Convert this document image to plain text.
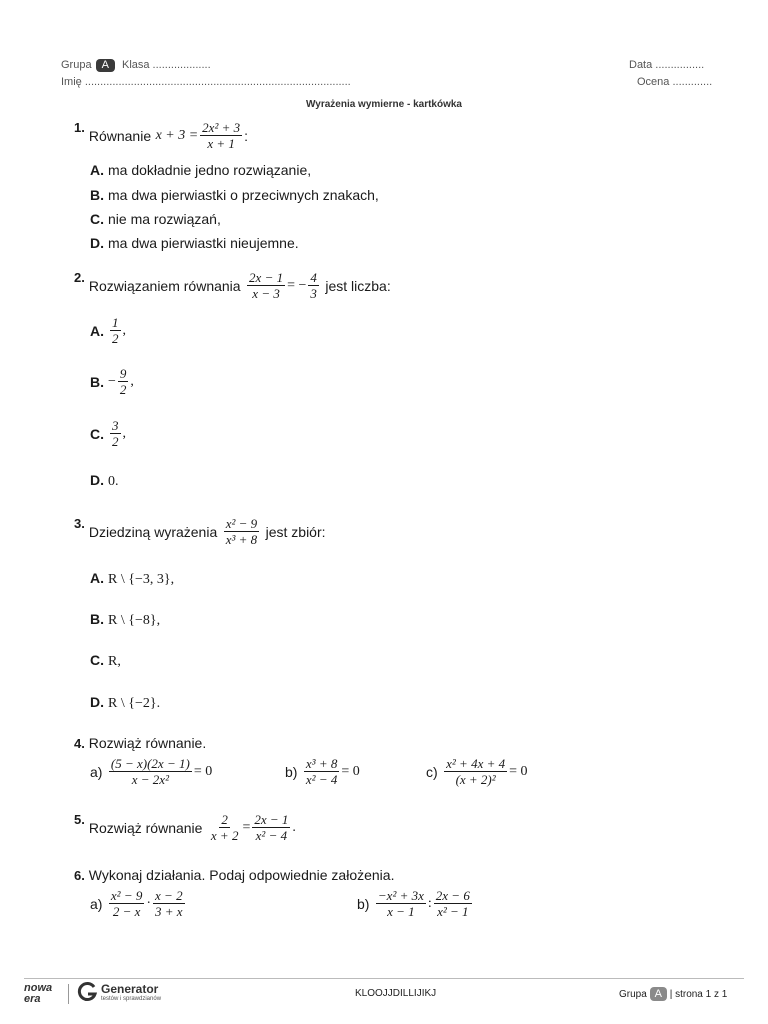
Grupa A Klasa ...................
Imię .......................................................................................
Data ................
Ocena .............
Wyrażenia wymierne - kartkówka
1. Równanie
$x + 3 = \frac{\text{2x² + 3}}{x + 1}$ :
A. ma dokładnie jedno rozwiązanie,
B. ma dwa pierwiastki o przeciwnych znakach,
C. nie ma rozwiązań,
D. ma dwa pierwiastki nieujemne.
2. Rozwiązaniem równania
$\frac{2x - 1}{x - 3}$ = − $\frac{4}{3}$
jest liczba:
A. $\frac{1}{2}$ ,
B. − $\frac{9}{2}$ ,
C. $\frac{3}{2}$ ,
D. 0.
3. Dziedziną wyrażenia
$\frac{\text{x² − 9}}{\text{x³ + 8}}$
jest zbiór:
A. R \ {−3, 3},
B. R \ {−8},
C. R,
D. R \ {−2}.
4. Rozwiąż równanie.
a)
$\frac{(5 - x)(2x - 1)}{\text{x − 2x²}} = 0$	b)
$\frac{\text{x³ + 8}}{\text{x² − 4}} = 0$	c)
$\frac{\text{x² + 4x + 4}}{\text{(x + 2)²}} = 0$
5. Rozwiąż równanie
$\frac{2}{x + 2} = \frac{2x - 1}{\text{x² − 4}}$ .
6. Wykonaj działania. Podaj odpowiednie założenia.
a)
$\frac{\text{x² − 9}}{2 - x} \cdot \frac{x - 2}{3 + x}$	b)
$\frac{\text{−x² + 3x}}{x - 1}$ : $\frac{2x - 6}{\text{x² − 1}}$
nowa era
Generator
testów i sprawdzianów	KLOOJJDILLIJIKJ	Grupa A | strona 1 z 1
